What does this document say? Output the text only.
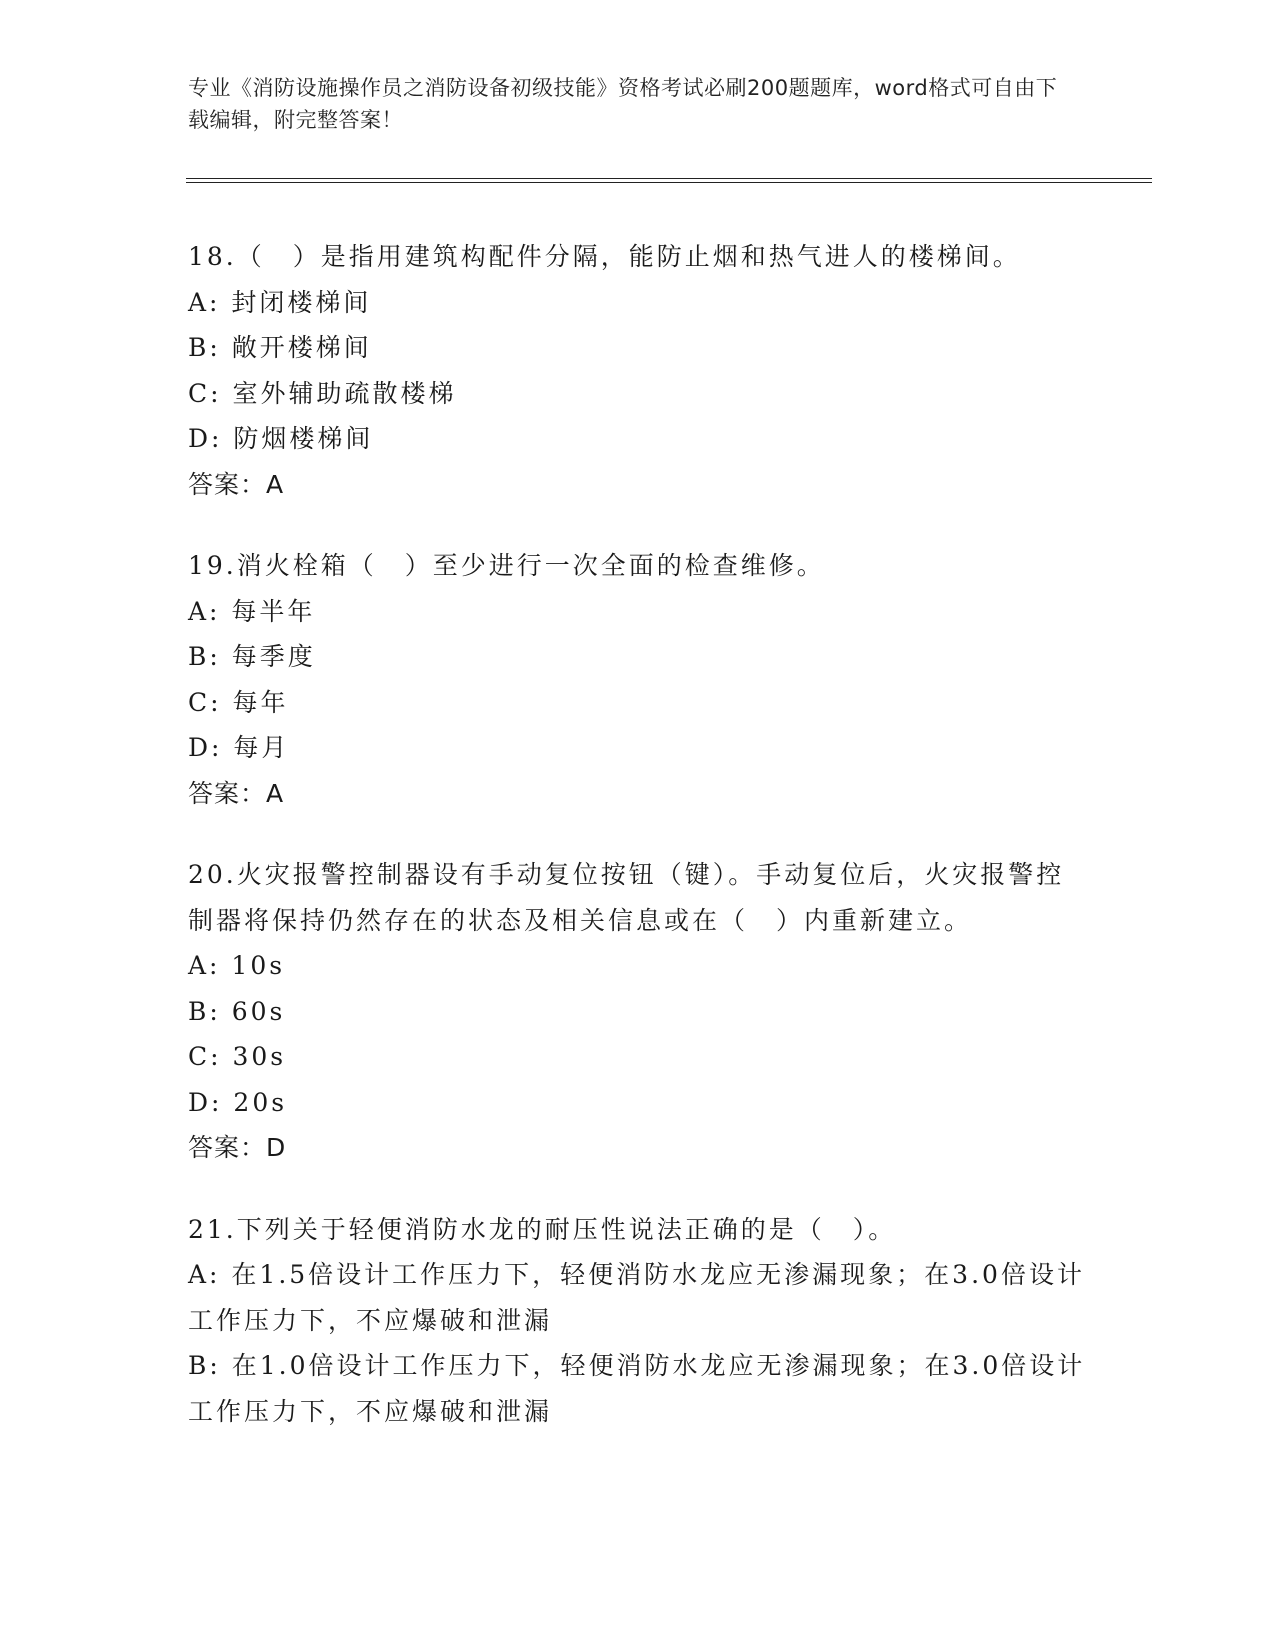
专业《消防设施操作员之消防设备初级技能》资格考试必刷200题题库，word格式可自由下载编辑，附完整答案！
18.（　）是指用建筑构配件分隔，能防止烟和热气进人的楼梯间。
A: 封闭楼梯间
B: 敞开楼梯间
C: 室外辅助疏散楼梯
D: 防烟楼梯间
答案：A
19.消火栓箱（　）至少进行一次全面的检查维修。
A: 每半年
B: 每季度
C: 每年
D: 每月
答案：A
20.火灾报警控制器设有手动复位按钮（键）。手动复位后，火灾报警控制器将保持仍然存在的状态及相关信息或在（　）内重新建立。
A: 10s
B: 60s
C: 30s
D: 20s
答案：D
21.下列关于轻便消防水龙的耐压性说法正确的是（　）。
A: 在1.5倍设计工作压力下，轻便消防水龙应无渗漏现象；在3.0倍设计工作压力下，不应爆破和泄漏
B: 在1.0倍设计工作压力下，轻便消防水龙应无渗漏现象；在3.0倍设计工作压力下，不应爆破和泄漏
